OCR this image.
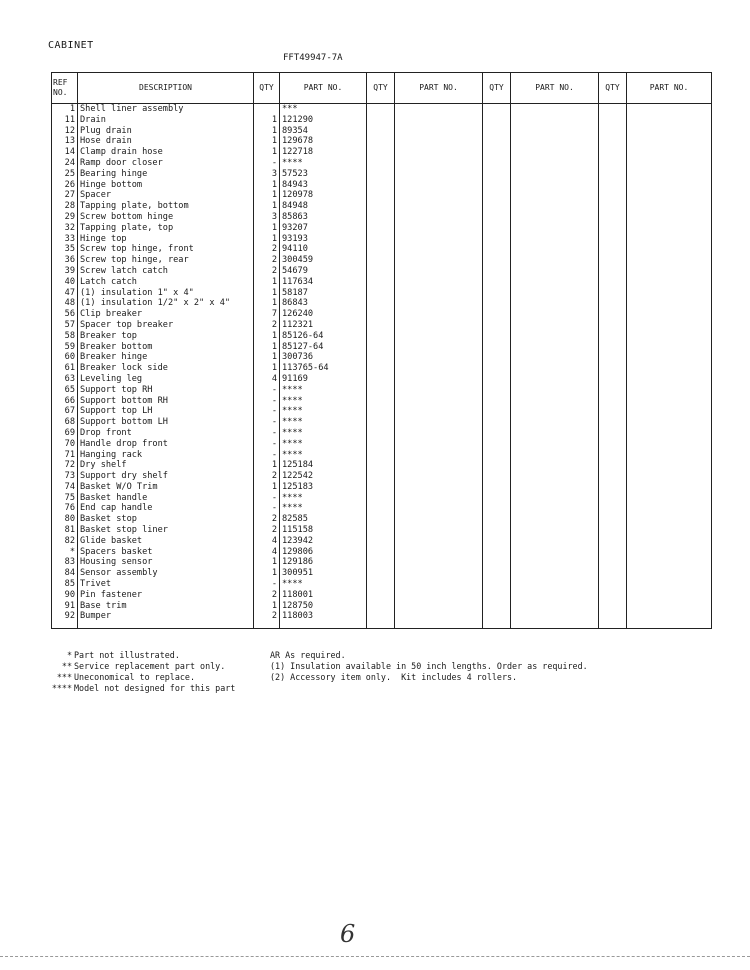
CABINET
FFT49947-7A
REF NO.	DESCRIPTION	QTY	PART NO.	QTY	PART NO.	QTY	PART NO.	QTY	PART NO.
1	Shell liner assembly		***						
11	Drain	1	121290						
12	Plug drain	1	89354						
13	Hose drain	1	129678						
14	Clamp drain hose	1	122718						
24	Ramp door closer	-	****						
25	Bearing hinge	3	57523						
26	Hinge bottom	1	84943						
27	Spacer	1	120978						
28	Tapping plate, bottom	1	84948						
29	Screw bottom hinge	3	85863						
32	Tapping plate, top	1	93207						
33	Hinge top	1	93193						
35	Screw top hinge, front	2	94110						
36	Screw top hinge, rear	2	300459						
39	Screw latch catch	2	54679						
40	Latch catch	1	117634						
47	(1) insulation 1" x 4"	1	58187						
48	(1) insulation 1/2" x 2" x 4"	1	86843						
56	Clip breaker	7	126240						
57	Spacer top breaker	2	112321						
58	Breaker top	1	85126-64						
59	Breaker bottom	1	85127-64						
60	Breaker hinge	1	300736						
61	Breaker lock side	1	113765-64						
63	Leveling leg	4	91169						
65	Support top RH	-	****						
66	Support bottom RH	-	****						
67	Support top LH	-	****						
68	Support bottom LH	-	****						
69	Drop front	-	****						
70	Handle drop front	-	****						
71	Hanging rack	-	****						
72	Dry shelf	1	125184						
73	Support dry shelf	2	122542						
74	Basket W/O Trim	1	125183						
75	Basket handle	-	****						
76	End cap handle	-	****						
80	Basket stop	2	82585						
81	Basket stop liner	2	115158						
82	Glide basket	4	123942						
*	Spacers basket	4	129806						
83	Housing sensor	1	129186						
84	Sensor assembly	1	300951						
85	Trivet	-	****						
90	Pin fastener	2	118001						
91	Base trim	1	128750						
92	Bumper	2	118003						
* Part not illustrated.
** Service replacement part only.
*** Uneconomical to replace.
**** Model not designed for this part
AR As required.
(1) Insulation available in 50 inch lengths. Order as required.
(2) Accessory item only.  Kit includes 4 rollers.
6
